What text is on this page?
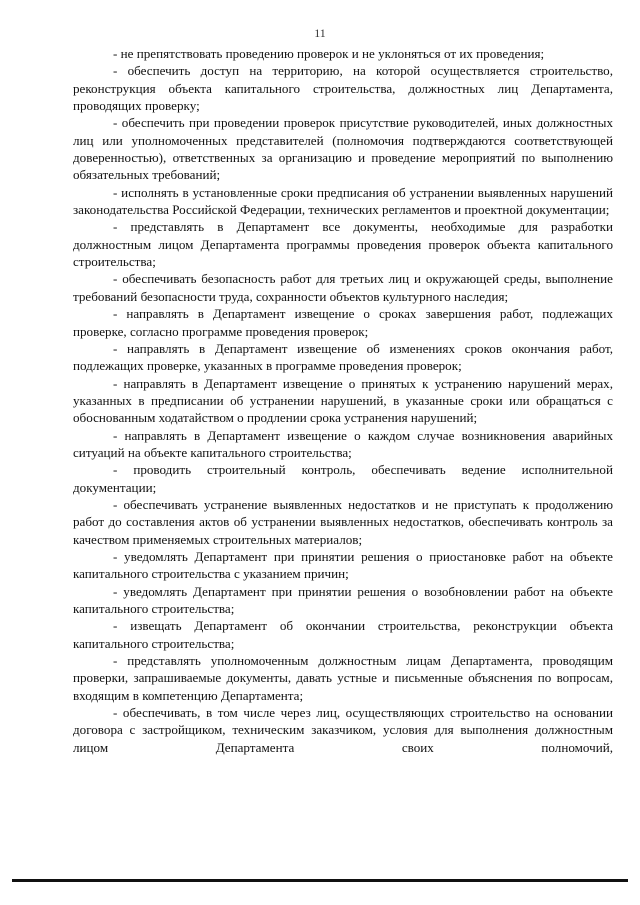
11

- не препятствовать проведению проверок и не уклоняться от их проведения;

- обеспечить доступ на территорию, на которой осуществляется строительство, реконструкция объекта капитального строительства, должностных лиц Департамента, проводящих проверку;

- обеспечить при проведении проверок присутствие руководителей, иных должностных лиц или уполномоченных представителей (полномочия подтверждаются соответствующей доверенностью), ответственных за организацию и проведение мероприятий по выполнению обязательных требований;

- исполнять в установленные сроки предписания об устранении выявленных нарушений законодательства Российской Федерации, технических регламентов и проектной документации;

- представлять в Департамент все документы, необходимые для разработки должностным лицом Департамента программы проведения проверок объекта капитального строительства;

- обеспечивать безопасность работ для третьих лиц и окружающей среды, выполнение требований безопасности труда, сохранности объектов культурного наследия;

- направлять в Департамент извещение о сроках завершения работ, подлежащих проверке, согласно программе проведения проверок;

- направлять в Департамент извещение об изменениях сроков окончания работ, подлежащих проверке, указанных в программе проведения проверок;

- направлять в Департамент извещение о принятых к устранению нарушений мерах, указанных в предписании об устранении нарушений, в указанные сроки или обращаться с обоснованным ходатайством о продлении срока устранения нарушений;

- направлять в Департамент извещение о каждом случае возникновения аварийных ситуаций на объекте капитального строительства;

- проводить строительный контроль, обеспечивать ведение исполнительной документации;

- обеспечивать устранение выявленных недостатков и не приступать к продолжению работ до составления актов об устранении выявленных недостатков, обеспечивать контроль за качеством применяемых строительных материалов;

- уведомлять Департамент при принятии решения о приостановке работ на объекте капитального строительства с указанием причин;

- уведомлять Департамент при принятии решения о возобновлении работ на объекте капитального строительства;

- извещать Департамент об окончании строительства, реконструкции объекта капитального строительства;

- представлять уполномоченным должностным лицам Департамента, проводящим проверки, запрашиваемые документы, давать устные и письменные объяснения по вопросам, входящим в компетенцию Департамента;

- обеспечивать, в том числе через лиц, осуществляющих строительство на основании договора с застройщиком, техническим заказчиком, условия для выполнения должностным лицом Департамента своих полномочий,
